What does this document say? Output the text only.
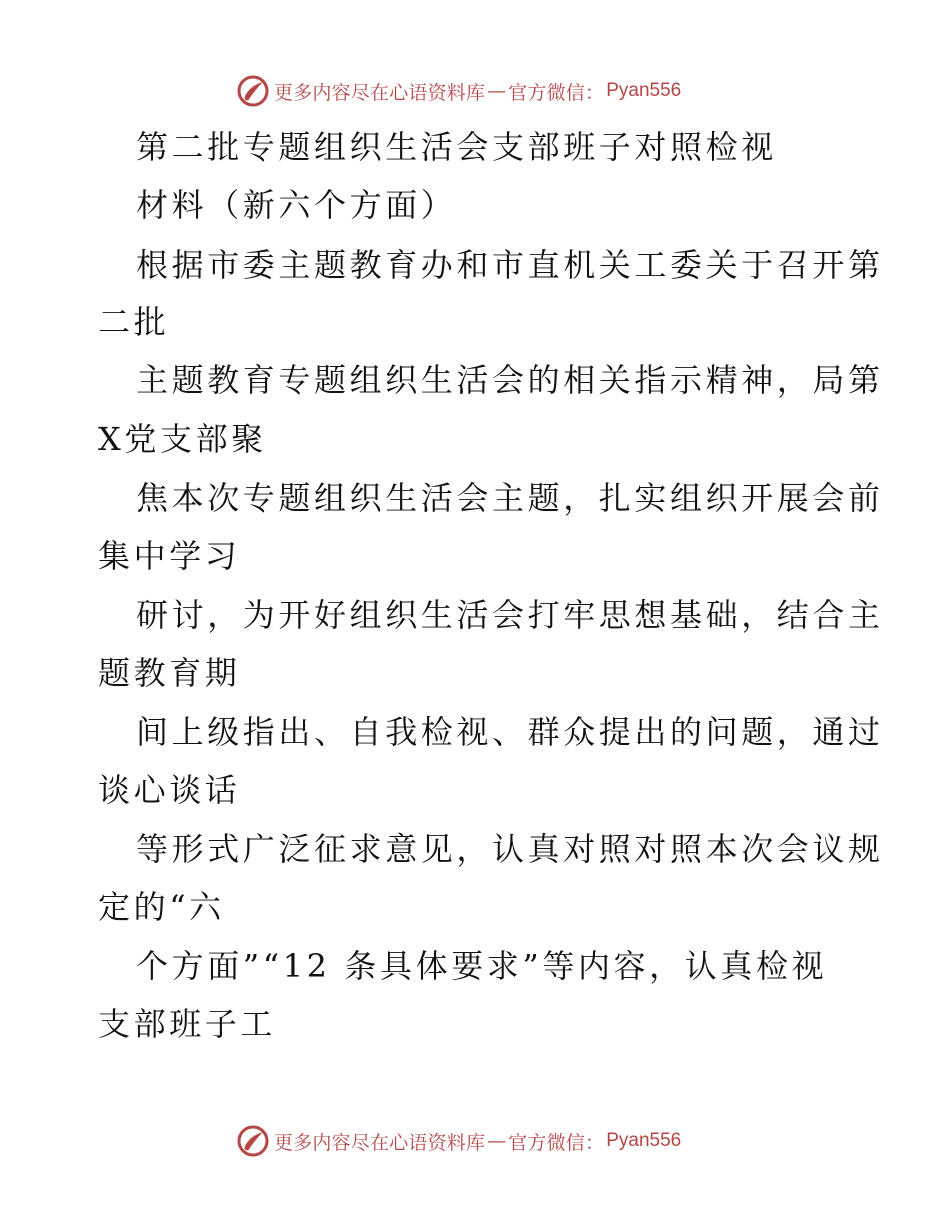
更多内容尽在心语资料库 — 官方微信： Pyan556
第二批专题组织生活会支部班子对照检视
材料（新六个方面）
根据市委主题教育办和市直机关工委关于召开第
二批
主题教育专题组织生活会的相关指示精神，局第
X党支部聚
焦本次专题组织生活会主题，扎实组织开展会前
集中学习
研讨，为开好组织生活会打牢思想基础，结合主
题教育期
间上级指出、自我检视、群众提出的问题，通过
谈心谈话
等形式广泛征求意见，认真对照对照本次会议规
定的“六
个方面”“12 条具体要求”等内容，认真检视
支部班子工
更多内容尽在心语资料库 — 官方微信： Pyan556
